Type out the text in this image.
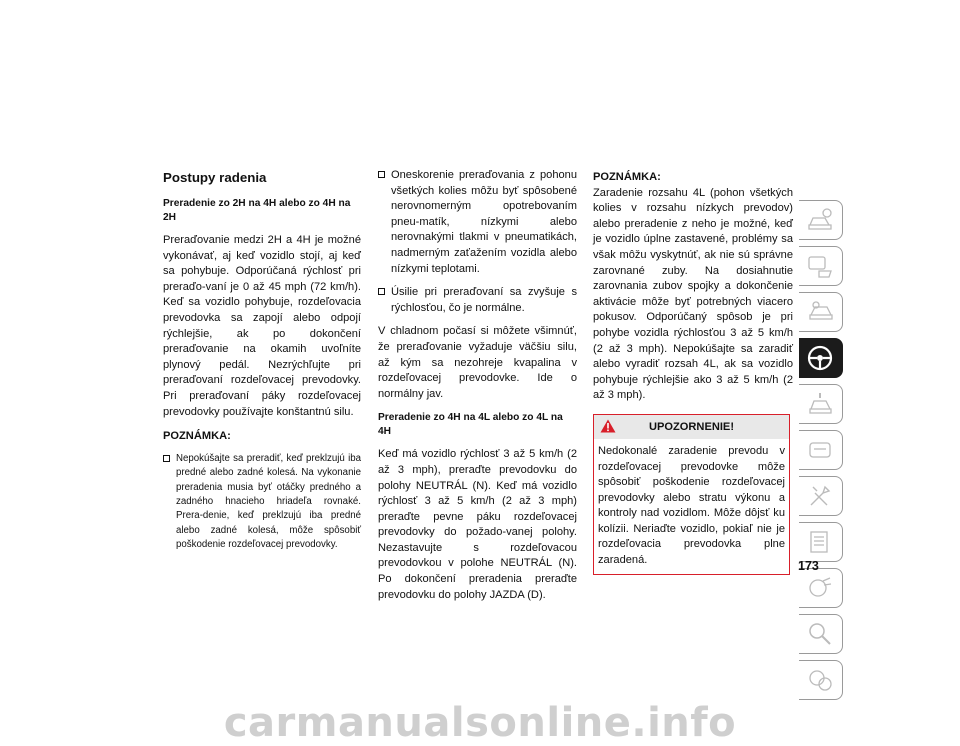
Postupy radenia
Preradenie zo 2H na 4H alebo zo 4H na 2H

Preraďovanie medzi 2H a 4H je možné vykonávať, aj keď vozidlo stojí, aj keď sa pohybuje. Odporúčaná rýchlosť pri preraďo-vaní je 0 až 45 mph (72 km/h). Keď sa vozidlo pohybuje, rozdeľovacia prevodovka sa zapojí alebo odpojí rýchlejšie, ak po dokončení preraďovanie na okamih uvoľníte plynový pedál. Nezrýchľujte pri preraďovaní rozdeľovacej prevodovky. Pri preraďovaní páky rozdeľovacej prevodovky používajte konštantnú silu.

POZNÁMKA:
Nepokúšajte sa preradiť, keď preklzujú iba predné alebo zadné kolesá. Na vykonanie preradenia musia byť otáčky predného a zadného hnacieho hriadeľa rovnaké. Prera-denie, keď preklzujú iba predné alebo zadné kolesá, môže spôsobiť poškodenie rozdeľovacej prevodovky.
Oneskorenie preraďovania z pohonu všetkých kolies môžu byť spôsobené nerovnomerným opotrebovaním pneu-matík, nízkymi alebo nerovnakými tlakmi v pneumatikách, nadmerným zaťažením vozidla alebo nízkymi teplotami.
Úsilie pri preraďovaní sa zvyšuje s rýchlosťou, čo je normálne.

V chladnom počasí si môžete všimnúť, že preraďovanie vyžaduje väčšiu silu, až kým sa nezohreje kvapalina v rozdeľovacej prevodovke. Ide o normálny jav.

Preradenie zo 4H na 4L alebo zo 4L na 4H

Keď má vozidlo rýchlosť 3 až 5 km/h (2 až 3 mph), preraďte prevodovku do polohy NEUTRÁL (N). Keď má vozidlo rýchlosť 3 až 5 km/h (2 až 3 mph) preraďte pevne páku rozdeľovacej prevodovky do požado-vanej polohy. Nezastavujte s rozdeľovacou prevodovkou v polohe NEUTRÁL (N). Po dokončení preradenia preraďte prevodovku do polohy JAZDA (D).

POZNÁMKA:

Zaradenie rozsahu 4L (pohon všetkých kolies v rozsahu nízkych prevodov) alebo preradenie z neho je možné, keď je vozidlo úplne zastavené, problémy sa však môžu vyskytnúť, ak nie sú správne zarovnané zuby. Na dosiahnutie zarovnania zubov spojky a dokončenie aktivácie môže byť potrebných viacero pokusov. Odporúčaný spôsob je pri pohybe vozidla rýchlosťou 3 až 5 km/h (2 až 3 mph). Nepokúšajte sa zaradiť alebo vyradiť rozsah 4L, ak sa vozidlo pohybuje rýchlejšie ako 3 až 5 km/h (2 až 3 mph).

UPOZORNENIE!
Nedokonalé zaradenie prevodu v rozdeľovacej prevodovke môže spôsobiť poškodenie rozdeľovacej prevodovky alebo stratu výkonu a kontroly nad vozidlom. Môže dôjsť ku kolízii. Neriaďte vozidlo, pokiaľ nie je rozdeľovacia prevodovka plne zaradená.	173
carmanualsonline.info
